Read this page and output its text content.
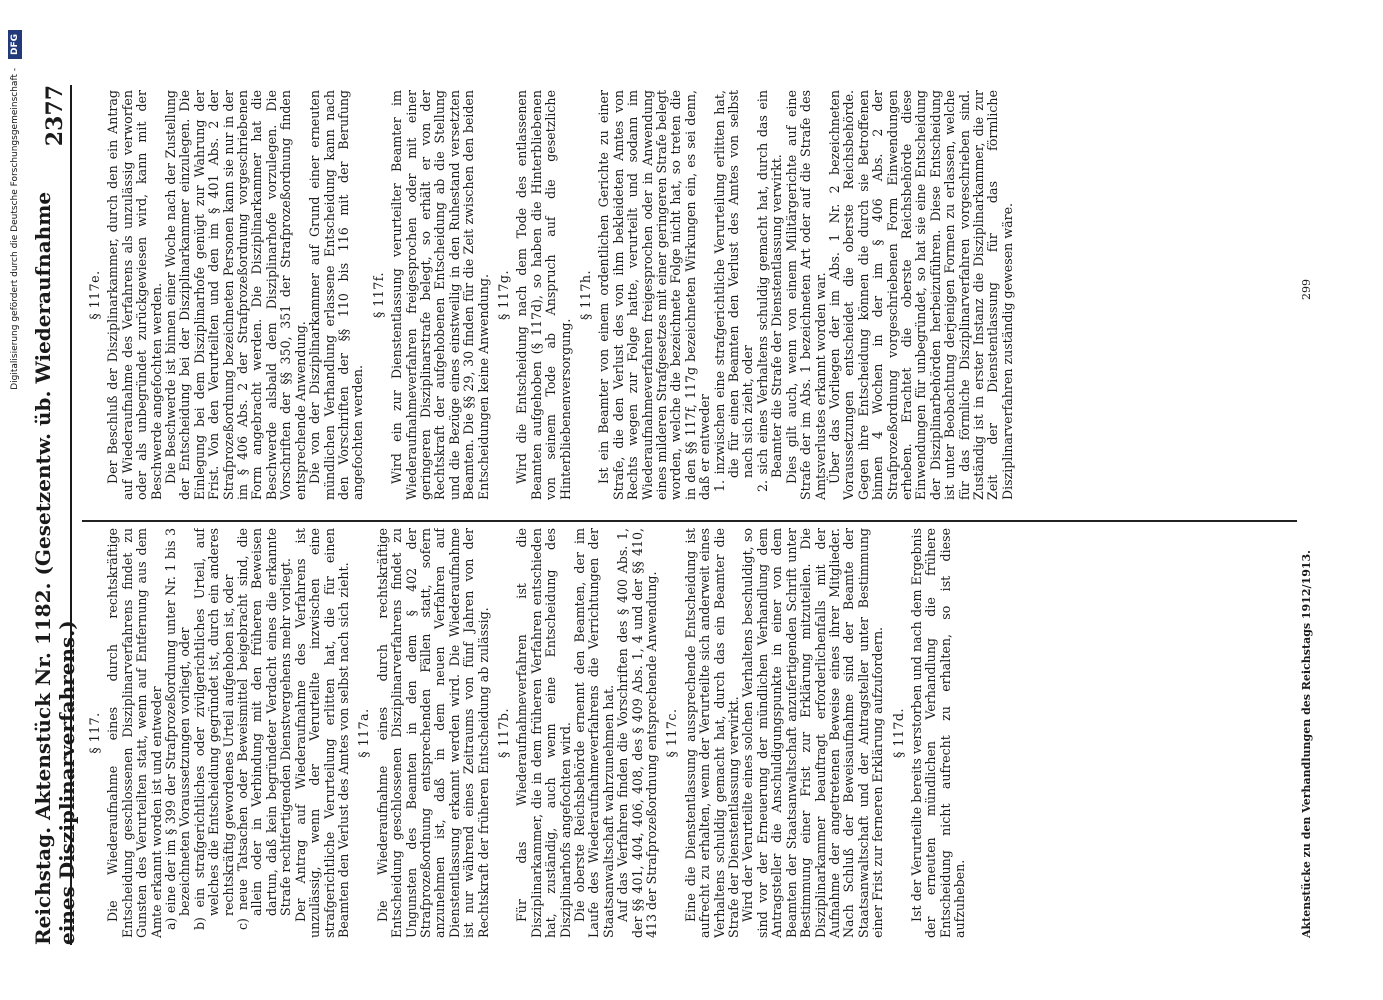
Digitalisierung gefördert durch die Deutsche Forschungsgemeinschaft - DFG
Reichstag. Aktenstück Nr. 1182. (Gesetzentw. üb. Wiederaufnahme eines Disziplinarverfahrens.)
2377
§ 117. Die Wiederaufnahme eines durch rechtskräftige Entscheidung geschlossenen Disziplinarverfahrens findet zu Gunsten des Verurteilten statt, wenn auf Entfernung aus dem Amte erkannt worden ist und entweder a) eine der im § 399 der Strafprozeßordnung unter Nr. 1 bis 3 bezeichneten Voraussetzungen vorliegt, oder b) ein strafgerichtliches oder zivilgerichtliches Urteil, auf welches die Entscheidung gegründet ist, durch ein anderes rechtskräftig gewordenes Urteil aufgehoben ist, oder c) neue Tatsachen oder Beweismittel beigebracht sind, die allein oder in Verbindung mit den früheren Beweisen dartun, daß kein begründeter Verdacht eines die erkannte Strafe rechtfertigenden Dienstvergehens mehr vorliegt. Der Antrag auf Wiederaufnahme des Verfahrens ist unzulässig, wenn der Verurteilte inzwischen eine strafgerichtliche Verurteilung erlitten hat, die für einen Beamten den Verlust des Amtes von selbst nach sich zieht. § 117a. Die Wiederaufnahme eines durch rechtskräftige Entscheidung geschlossenen Disziplinarverfahrens findet zu Ungunsten des Beamten in den dem § 402 der Strafprozeßordnung entsprechenden Fällen statt, sofern anzunehmen ist, daß in dem neuen Verfahren auf Dienstentlassung erkannt werden wird. Die Wiederaufnahme ist nur während eines Zeitraums von fünf Jahren von der Rechtskraft der früheren Entscheidung ab zulässig. § 117b. Für das Wiederaufnahmeverfahren ist die Disziplinarkammer, die in dem früheren Verfahren entschieden hat, zuständig, auch wenn eine Entscheidung des Disziplinarhofs angefochten wird. Die oberste Reichsbehörde ernennt den Beamten, der im Laufe des Wiederaufnahmeverfahrens die Verrichtungen der Staatsanwaltschaft wahrzunehmen hat. Auf das Verfahren finden die Vorschriften des § 400 Abs. 1, der §§ 401, 404, 406, 408, des § 409 Abs. 1, 4 und der §§ 410, 413 der Strafprozeßordnung entsprechende Anwendung. § 117c. Eine die Dienstentlassung aussprechende Entscheidung ist aufrecht zu erhalten, wenn der Verurteilte sich anderweit eines Verhaltens schuldig gemacht hat, durch das ein Beamter die Strafe der Dienstentlassung verwirkt. Wird der Verurteilte eines solchen Verhaltens beschuldigt, so sind vor der Erneuerung der mündlichen Verhandlung dem Antragsteller die Anschuldigungspunkte in einer von dem Beamten der Staatsanwaltschaft anzufertigenden Schrift unter Bestimmung einer Frist zur Erklärung mitzuteilen. Die Disziplinarkammer beauftragt erforderlichenfalls mit der Aufnahme der angetretenen Beweise eines ihrer Mitglieder. Nach Schluß der Beweisaufnahme sind der Beamte der Staatsanwaltschaft und der Antragsteller unter Bestimmung einer Frist zur ferneren Erklärung aufzufordern. § 117d. Ist der Verurteilte bereits verstorben und nach dem Ergebnis der erneuten mündlichen Verhandlung die frühere Entscheidung nicht aufrecht zu erhalten, so ist diese aufzuheben.

§ 117e. Der Beschluß der Disziplinarkammer, durch den ein Antrag auf Wiederaufnahme des Verfahrens als unzulässig verworfen oder als unbegründet zurückgewiesen wird, kann mit der Beschwerde angefochten werden. Die Beschwerde ist binnen einer Woche nach der Zustellung der Entscheidung bei der Disziplinarkammer einzulegen. Die Einlegung bei dem Disziplinarhofe genügt zur Wahrung der Frist. Von den Verurteilten und den im § 401 Abs. 2 der Strafprozeßordnung bezeichneten Personen kann sie nur in der im § 406 Abs. 2 der Strafprozeßordnung vorgeschriebenen Form angebracht werden. Die Disziplinarkammer hat die Beschwerde alsbald dem Disziplinarhofe vorzulegen. Die Vorschriften der §§ 350, 351 der Strafprozeßordnung finden entsprechende Anwendung. Die von der Disziplinarkammer auf Grund einer erneuten mündlichen Verhandlung erlassene Entscheidung kann nach den Vorschriften der §§ 110 bis 116 mit der Berufung angefochten werden.

§ 117f. Wird ein zur Dienstentlassung verurteilter Beamter im Wiederaufnahmeverfahren freigesprochen oder mit einer geringeren Disziplinarstrafe belegt, so erhält er von der Rechtskraft der aufgehobenen Entscheidung ab die Stellung und die Bezüge eines einstweilig in den Ruhestand versetzten Beamten. Die §§ 29, 30 finden für die Zeit zwischen den beiden Entscheidungen keine Anwendung. § 117g. Wird die Entscheidung nach dem Tode des entlassenen Beamten aufgehoben (§ 117d), so haben die Hinterbliebenen von seinem Tode ab Anspruch auf die gesetzliche Hinterbliebenenversorgung.

§ 117h. Ist ein Beamter von einem ordentlichen Gerichte zu einer Strafe, die den Verlust des von ihm bekleideten Amtes von Rechts wegen zur Folge hatte, verurteilt und sodann im Wiederaufnahmeverfahren freigesprochen oder in Anwendung eines milderen Strafgesetzes mit einer geringeren Strafe belegt worden, welche die bezeichnete Folge nicht hat, so treten die in den §§ 117f, 117g bezeichneten Wirkungen ein, es sei denn, daß er entweder 1. inzwischen eine strafgerichtliche Verurteilung erlitten hat, die für einen Beamten den Verlust des Amtes von selbst nach sich zieht, oder 2. sich eines Verhaltens schuldig gemacht hat, durch das ein Beamter die Strafe der Dienstentlassung verwirkt. Dies gilt auch, wenn von einem Militärgerichte auf eine Strafe der im Abs. 1 bezeichneten Art oder auf die Strafe des Amtsverlustes erkannt worden war. Über das Vorliegen der im Abs. 1 Nr. 2 bezeichneten Voraussetzungen entscheidet die oberste Reichsbehörde. Gegen ihre Entscheidung können die durch sie Betroffenen binnen 4 Wochen in der im § 406 Abs. 2 der Strafprozeßordnung vorgeschriebenen Form Einwendungen erheben. Erachtet die oberste Reichsbehörde diese Einwendungen für unbegründet, so hat sie eine Entscheidung der Disziplinarbehörden herbeizuführen. Diese Entscheidung ist unter Beobachtung derjenigen Formen zu erlassen, welche für das förmliche Disziplinarverfahren vorgeschrieben sind. Zuständig ist in erster Instanz die Disziplinarkammer, die zur Zeit der Dienstentlassung für das förmliche Disziplinarverfahren zuständig gewesen wäre.

Aktenstücke zu den Verhandlungen des Reichstags 1912/1913.
299
